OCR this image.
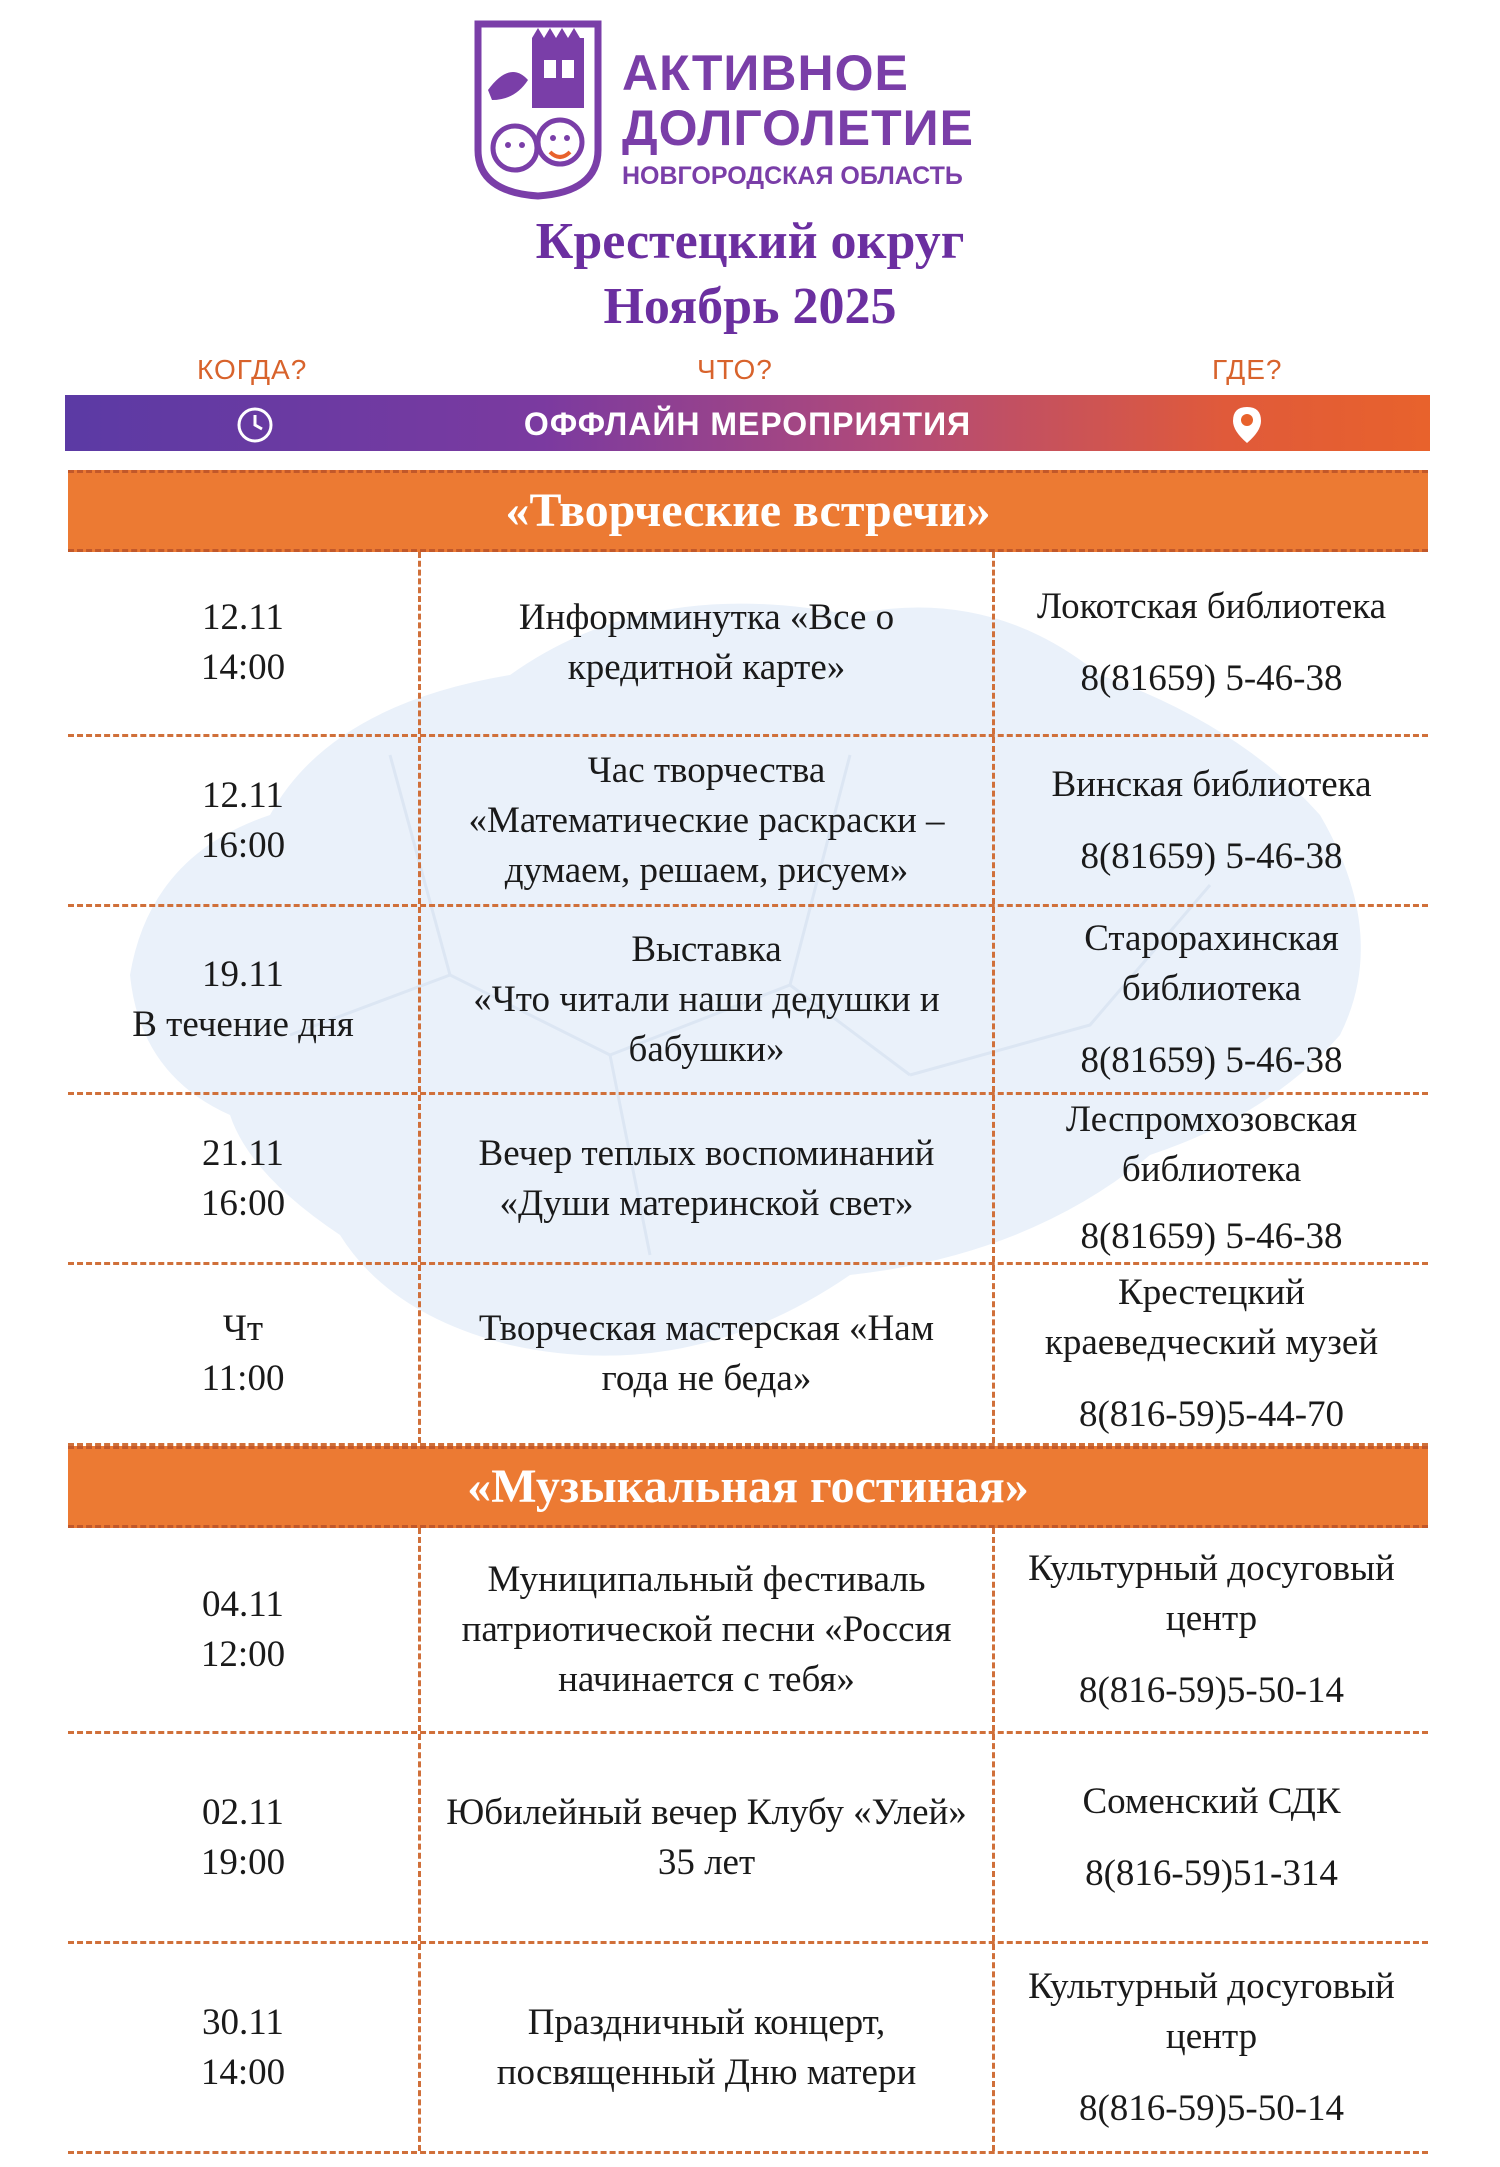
АКТИВНОЕ
ДОЛГОЛЕТИЕ
НОВГОРОДСКАЯ ОБЛАСТЬ
Крестецкий округ
Ноябрь 2025
КОГДА?	ЧТО?	ГДЕ?
ОФФЛАЙН МЕРОПРИЯТИЯ
«Творческие встречи»
12.11
14:00
Информминутка «Все о
кредитной карте»
Локотская библиотека
8(81659) 5-46-38
12.11
16:00
Час творчества
«Математические раскраски –
думаем, решаем, рисуем»
Винская библиотека
8(81659) 5-46-38
19.11
В течение дня
Выставка
«Что читали наши дедушки и
бабушки»
Старорахинская
библиотека
8(81659) 5-46-38
21.11
16:00
Вечер теплых воспоминаний
«Души материнской свет»
Леспромхозовская
библиотека
8(81659) 5-46-38
Чт
11:00
Творческая мастерская «Нам
года не беда»
Крестецкий
краеведческий музей
8(816-59)5-44-70
«Музыкальная гостиная»
04.11
12:00
Муниципальный фестиваль
патриотической песни «Россия
начинается с тебя»
Культурный досуговый
центр
8(816-59)5-50-14
02.11
19:00
Юбилейный вечер Клубу «Улей»
35 лет
Соменский СДК
8(816-59)51-314
30.11
14:00
Праздничный концерт,
посвященный Дню матери
Культурный досуговый
центр
8(816-59)5-50-14
